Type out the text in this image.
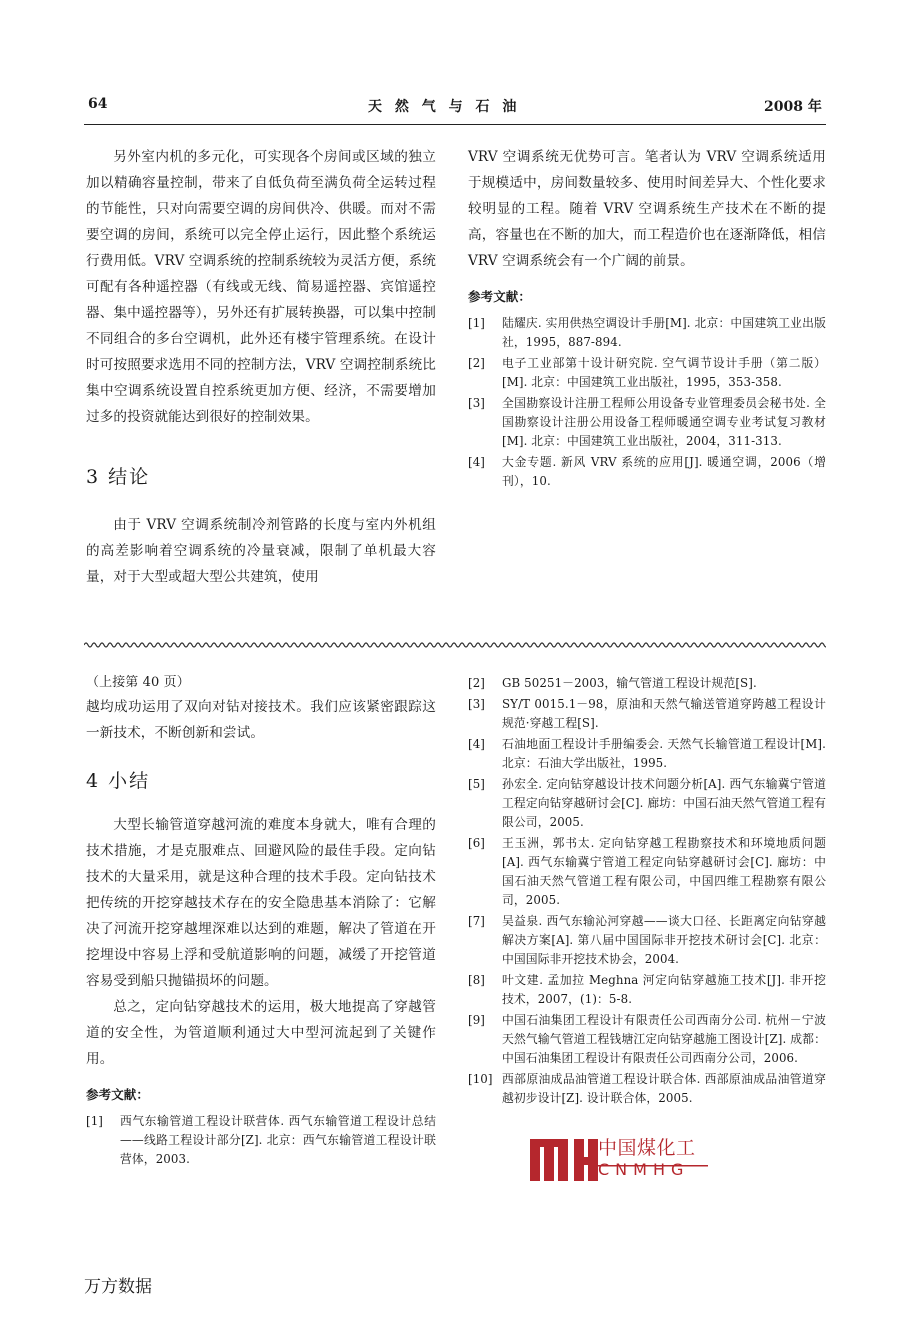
64	天 然 气 与 石 油	2008 年

另外室内机的多元化，可实现各个房间或区域的独立加以精确容量控制，带来了自低负荷至满负荷全运转过程的节能性，只对向需要空调的房间供冷、供暖。而对不需要空调的房间，系统可以完全停止运行，因此整个系统运行费用低。VRV 空调系统的控制系统较为灵活方便，系统可配有各种遥控器（有线或无线、简易遥控器、宾馆遥控器、集中遥控器等），另外还有扩展转换器，可以集中控制不同组合的多台空调机，此外还有楼宇管理系统。在设计时可按照要求选用不同的控制方法，VRV 空调控制系统比集中空调系统设置自控系统更加方便、经济，不需要增加过多的投资就能达到很好的控制效果。

3 结论

由于 VRV 空调系统制冷剂管路的长度与室内外机组的高差影响着空调系统的冷量衰减，限制了单机最大容量，对于大型或超大型公共建筑，使用

VRV 空调系统无优势可言。笔者认为 VRV 空调系统适用于规模适中，房间数量较多、使用时间差异大、个性化要求较明显的工程。随着 VRV 空调系统生产技术在不断的提高，容量也在不断的加大，而工程造价也在逐渐降低，相信 VRV 空调系统会有一个广阔的前景。

参考文献：

[1] 陆耀庆. 实用供热空调设计手册[M]. 北京：中国建筑工业出版社，1995，887-894.
[2] 电子工业部第十设计研究院. 空气调节设计手册（第二版）[M]. 北京：中国建筑工业出版社，1995，353-358.
[3] 全国勘察设计注册工程师公用设备专业管理委员会秘书处. 全国勘察设计注册公用设备工程师暖通空调专业考试复习教材[M]. 北京：中国建筑工业出版社，2004，311-313.
[4] 大金专题. 新风 VRV 系统的应用[J]. 暖通空调，2006（增刊），10.

（上接第 40 页）

越均成功运用了双向对钻对接技术。我们应该紧密跟踪这一新技术，不断创新和尝试。

4 小结

大型长输管道穿越河流的难度本身就大，唯有合理的技术措施，才是克服难点、回避风险的最佳手段。定向钻技术的大量采用，就是这种合理的技术手段。定向钻技术把传统的开挖穿越技术存在的安全隐患基本消除了：它解决了河流开挖穿越埋深难以达到的难题，解决了管道在开挖埋设中容易上浮和受航道影响的问题，减缓了开挖管道容易受到船只抛锚损坏的问题。

总之，定向钻穿越技术的运用，极大地提高了穿越管道的安全性，为管道顺利通过大中型河流起到了关键作用。

参考文献：

[1] 西气东输管道工程设计联营体. 西气东输管道工程设计总结——线路工程设计部分[Z]. 北京：西气东输管道工程设计联营体，2003.
[2] GB 50251－2003，输气管道工程设计规范[S].
[3] SY/T 0015.1－98，原油和天然气输送管道穿跨越工程设计规范·穿越工程[S].
[4] 石油地面工程设计手册编委会. 天然气长输管道工程设计[M]. 北京：石油大学出版社，1995.
[5] 孙宏全. 定向钻穿越设计技术问题分析[A]. 西气东输冀宁管道工程定向钻穿越研讨会[C]. 廊坊：中国石油天然气管道工程有限公司，2005.
[6] 王玉洲，郭书太. 定向钻穿越工程勘察技术和环境地质问题[A]. 西气东输冀宁管道工程定向钻穿越研讨会[C]. 廊坊：中国石油天然气管道工程有限公司，中国四维工程勘察有限公司，2005.
[7] 吴益泉. 西气东输沁河穿越——谈大口径、长距离定向钻穿越解决方案[A]. 第八届中国国际非开挖技术研讨会[C]. 北京：中国国际非开挖技术协会，2004.
[8] 叶文建. 孟加拉 Meghna 河定向钻穿越施工技术[J]. 非开挖技术，2007，(1)：5-8.
[9] 中国石油集团工程设计有限责任公司西南分公司. 杭州－宁波天然气输气管道工程钱塘江定向钻穿越施工图设计[Z]. 成都：中国石油集团工程设计有限责任公司西南分公司，2006.
[10] 西部原油成品油管道工程设计联合体. 西部原油成品油管道穿越初步设计[Z]. 设计联合体，2005.
中国煤化工
CNMHG
万方数据
